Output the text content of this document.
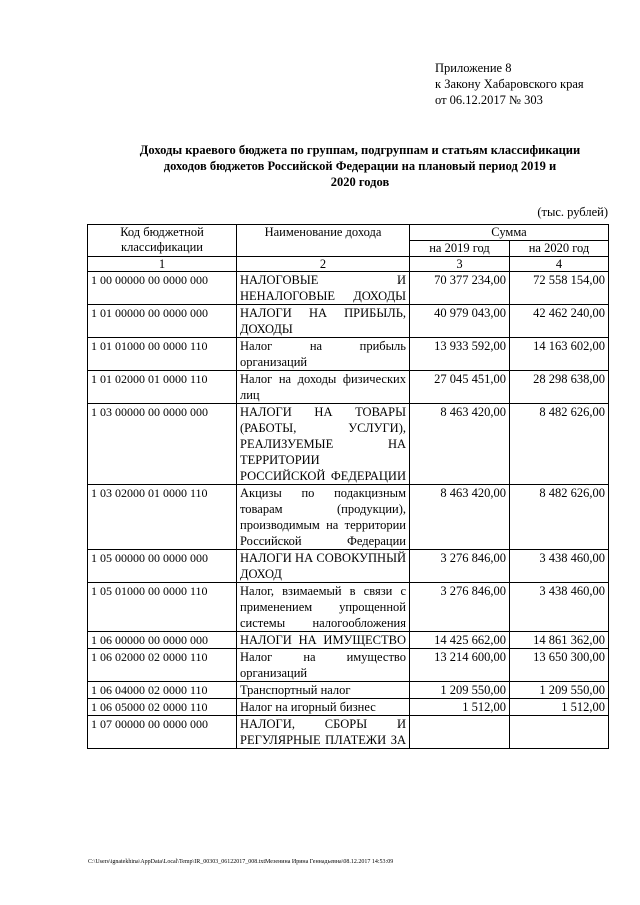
Приложение 8
к Закону Хабаровского края
от 06.12.2017 № 303
Доходы краевого бюджета по группам, подгруппам и статьям классификации
доходов бюджетов Российской Федерации на плановый период 2019 и
2020 годов
(тыс. рублей)
Код бюджетной классификации	Наименование дохода	Сумма	
		на 2019 год	на 2020 год
1	2	3	4
1 00 00000 00 0000 000	НАЛОГОВЫЕ И НЕНАЛОГОВЫЕ ДОХОДЫ	70 377 234,00	72 558 154,00
1 01 00000 00 0000 000	НАЛОГИ НА ПРИБЫЛЬ, ДОХОДЫ	40 979 043,00	42 462 240,00
1 01 01000 00 0000 110	Налог на прибыль организаций	13 933 592,00	14 163 602,00
1 01 02000 01 0000 110	Налог на доходы физических лиц	27 045 451,00	28 298 638,00
1 03 00000 00 0000 000	НАЛОГИ НА ТОВАРЫ (РАБОТЫ, УСЛУГИ), РЕАЛИЗУЕМЫЕ НА ТЕРРИТОРИИ РОССИЙСКОЙ ФЕДЕРАЦИИ	8 463 420,00	8 482 626,00
1 03 02000 01 0000 110	Акцизы по подакцизным товарам (продукции), производимым на территории Российской Федерации	8 463 420,00	8 482 626,00
1 05 00000 00 0000 000	НАЛОГИ НА СОВОКУПНЫЙ ДОХОД	3 276 846,00	3 438 460,00
1 05 01000 00 0000 110	Налог, взимаемый в связи с применением упрощенной системы налогообложения	3 276 846,00	3 438 460,00
1 06 00000 00 0000 000	НАЛОГИ НА ИМУЩЕСТВО	14 425 662,00	14 861 362,00
1 06 02000 02 0000 110	Налог на имущество организаций	13 214 600,00	13 650 300,00
1 06 04000 02 0000 110	Транспортный налог	1 209 550,00	1 209 550,00
1 06 05000 02 0000 110	Налог на игорный бизнес	1 512,00	1 512,00
1 07 00000 00 0000 000	НАЛОГИ, СБОРЫ И РЕГУЛЯРНЫЕ ПЛАТЕЖИ ЗА		
C:\Users\ignatekhina\AppData\Local\Temp\IR_00303_06122017_008.txtМезенина Ирина Геннадьевна\08.12.2017 14:53:09
